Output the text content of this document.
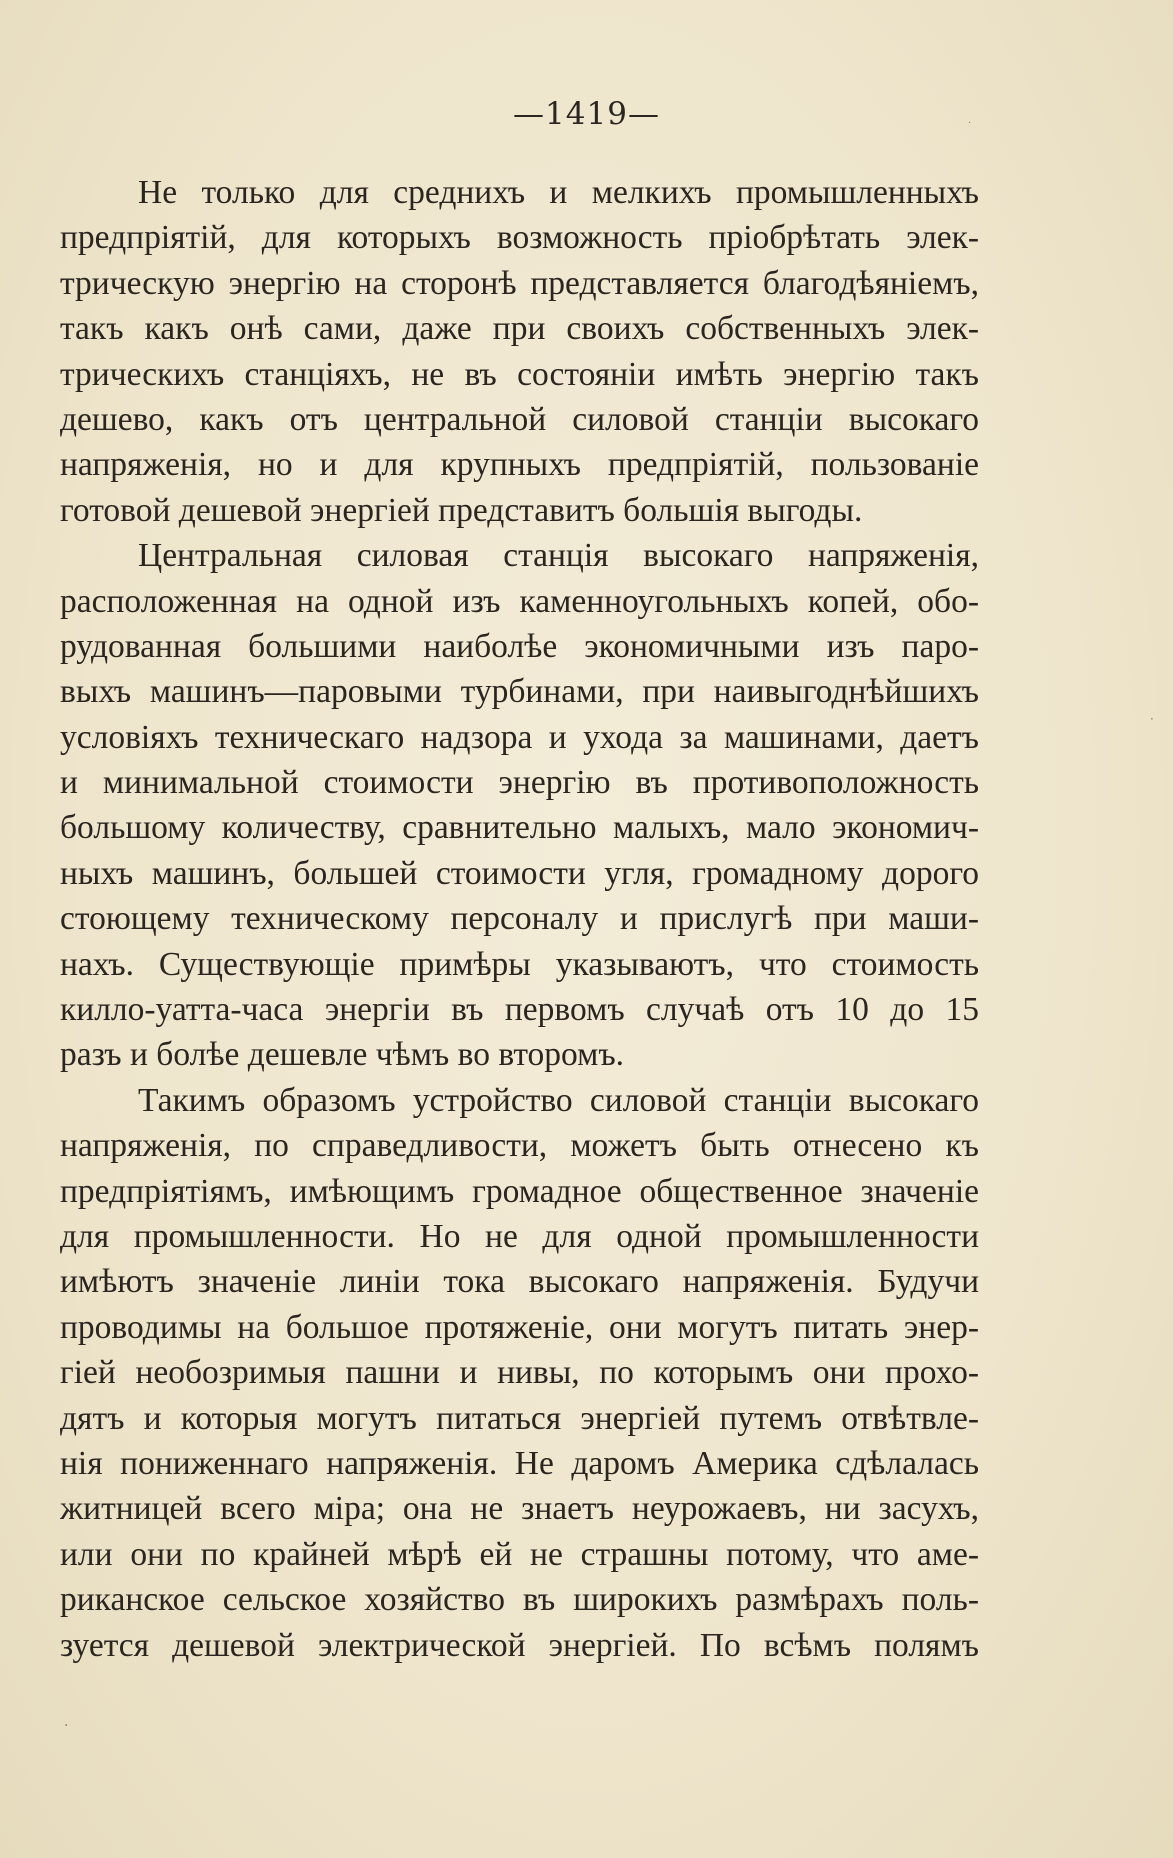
—1419—
Не только для среднихъ и мелкихъ промышленныхъ
предпріятій, для которыхъ возможность пріобрѣтать элек-
трическую энергію на сторонѣ представляется благодѣяніемъ,
такъ какъ онѣ сами, даже при своихъ собственныхъ элек-
трическихъ станціяхъ, не въ состояніи имѣть энергію такъ
дешево, какъ отъ центральной силовой станціи высокаго
напряженія, но и для крупныхъ предпріятій, пользованіе
готовой дешевой энергіей представитъ большія выгоды.
Центральная силовая станція высокаго напряженія,
расположенная на одной изъ каменноугольныхъ копей, обо-
рудованная большими наиболѣе экономичными изъ паро-
выхъ машинъ—паровыми турбинами, при наивыгоднѣйшихъ
условіяхъ техническаго надзора и ухода за машинами, даетъ
и минимальной стоимости энергію въ противоположность
большому количеству, сравнительно малыхъ, мало экономич-
ныхъ машинъ, большей стоимости угля, громадному дорого
стоющему техническому персоналу и прислугѣ при маши-
нахъ. Существующіе примѣры указываютъ, что стоимость
килло-уатта-часа энергіи въ первомъ случаѣ отъ 10 до 15
разъ и болѣе дешевле чѣмъ во второмъ.
Такимъ образомъ устройство силовой станціи высокаго
напряженія, по справедливости, можетъ быть отнесено къ
предпріятіямъ, имѣющимъ громадное общественное значеніе
для промышленности. Но не для одной промышленности
имѣютъ значеніе линіи тока высокаго напряженія. Будучи
проводимы на большое протяженіе, они могутъ питать энер-
гіей необозримыя пашни и нивы, по которымъ они прохо-
дятъ и которыя могутъ питаться энергіей путемъ отвѣтвле-
нія пониженнаго напряженія. Не даромъ Америка сдѣлалась
житницей всего міра; она не знаетъ неурожаевъ, ни засухъ,
или они по крайней мѣрѣ ей не страшны потому, что аме-
риканское сельское хозяйство въ широкихъ размѣрахъ поль-
зуется дешевой электрической энергіей. По всѣмъ полямъ
·
·
·
